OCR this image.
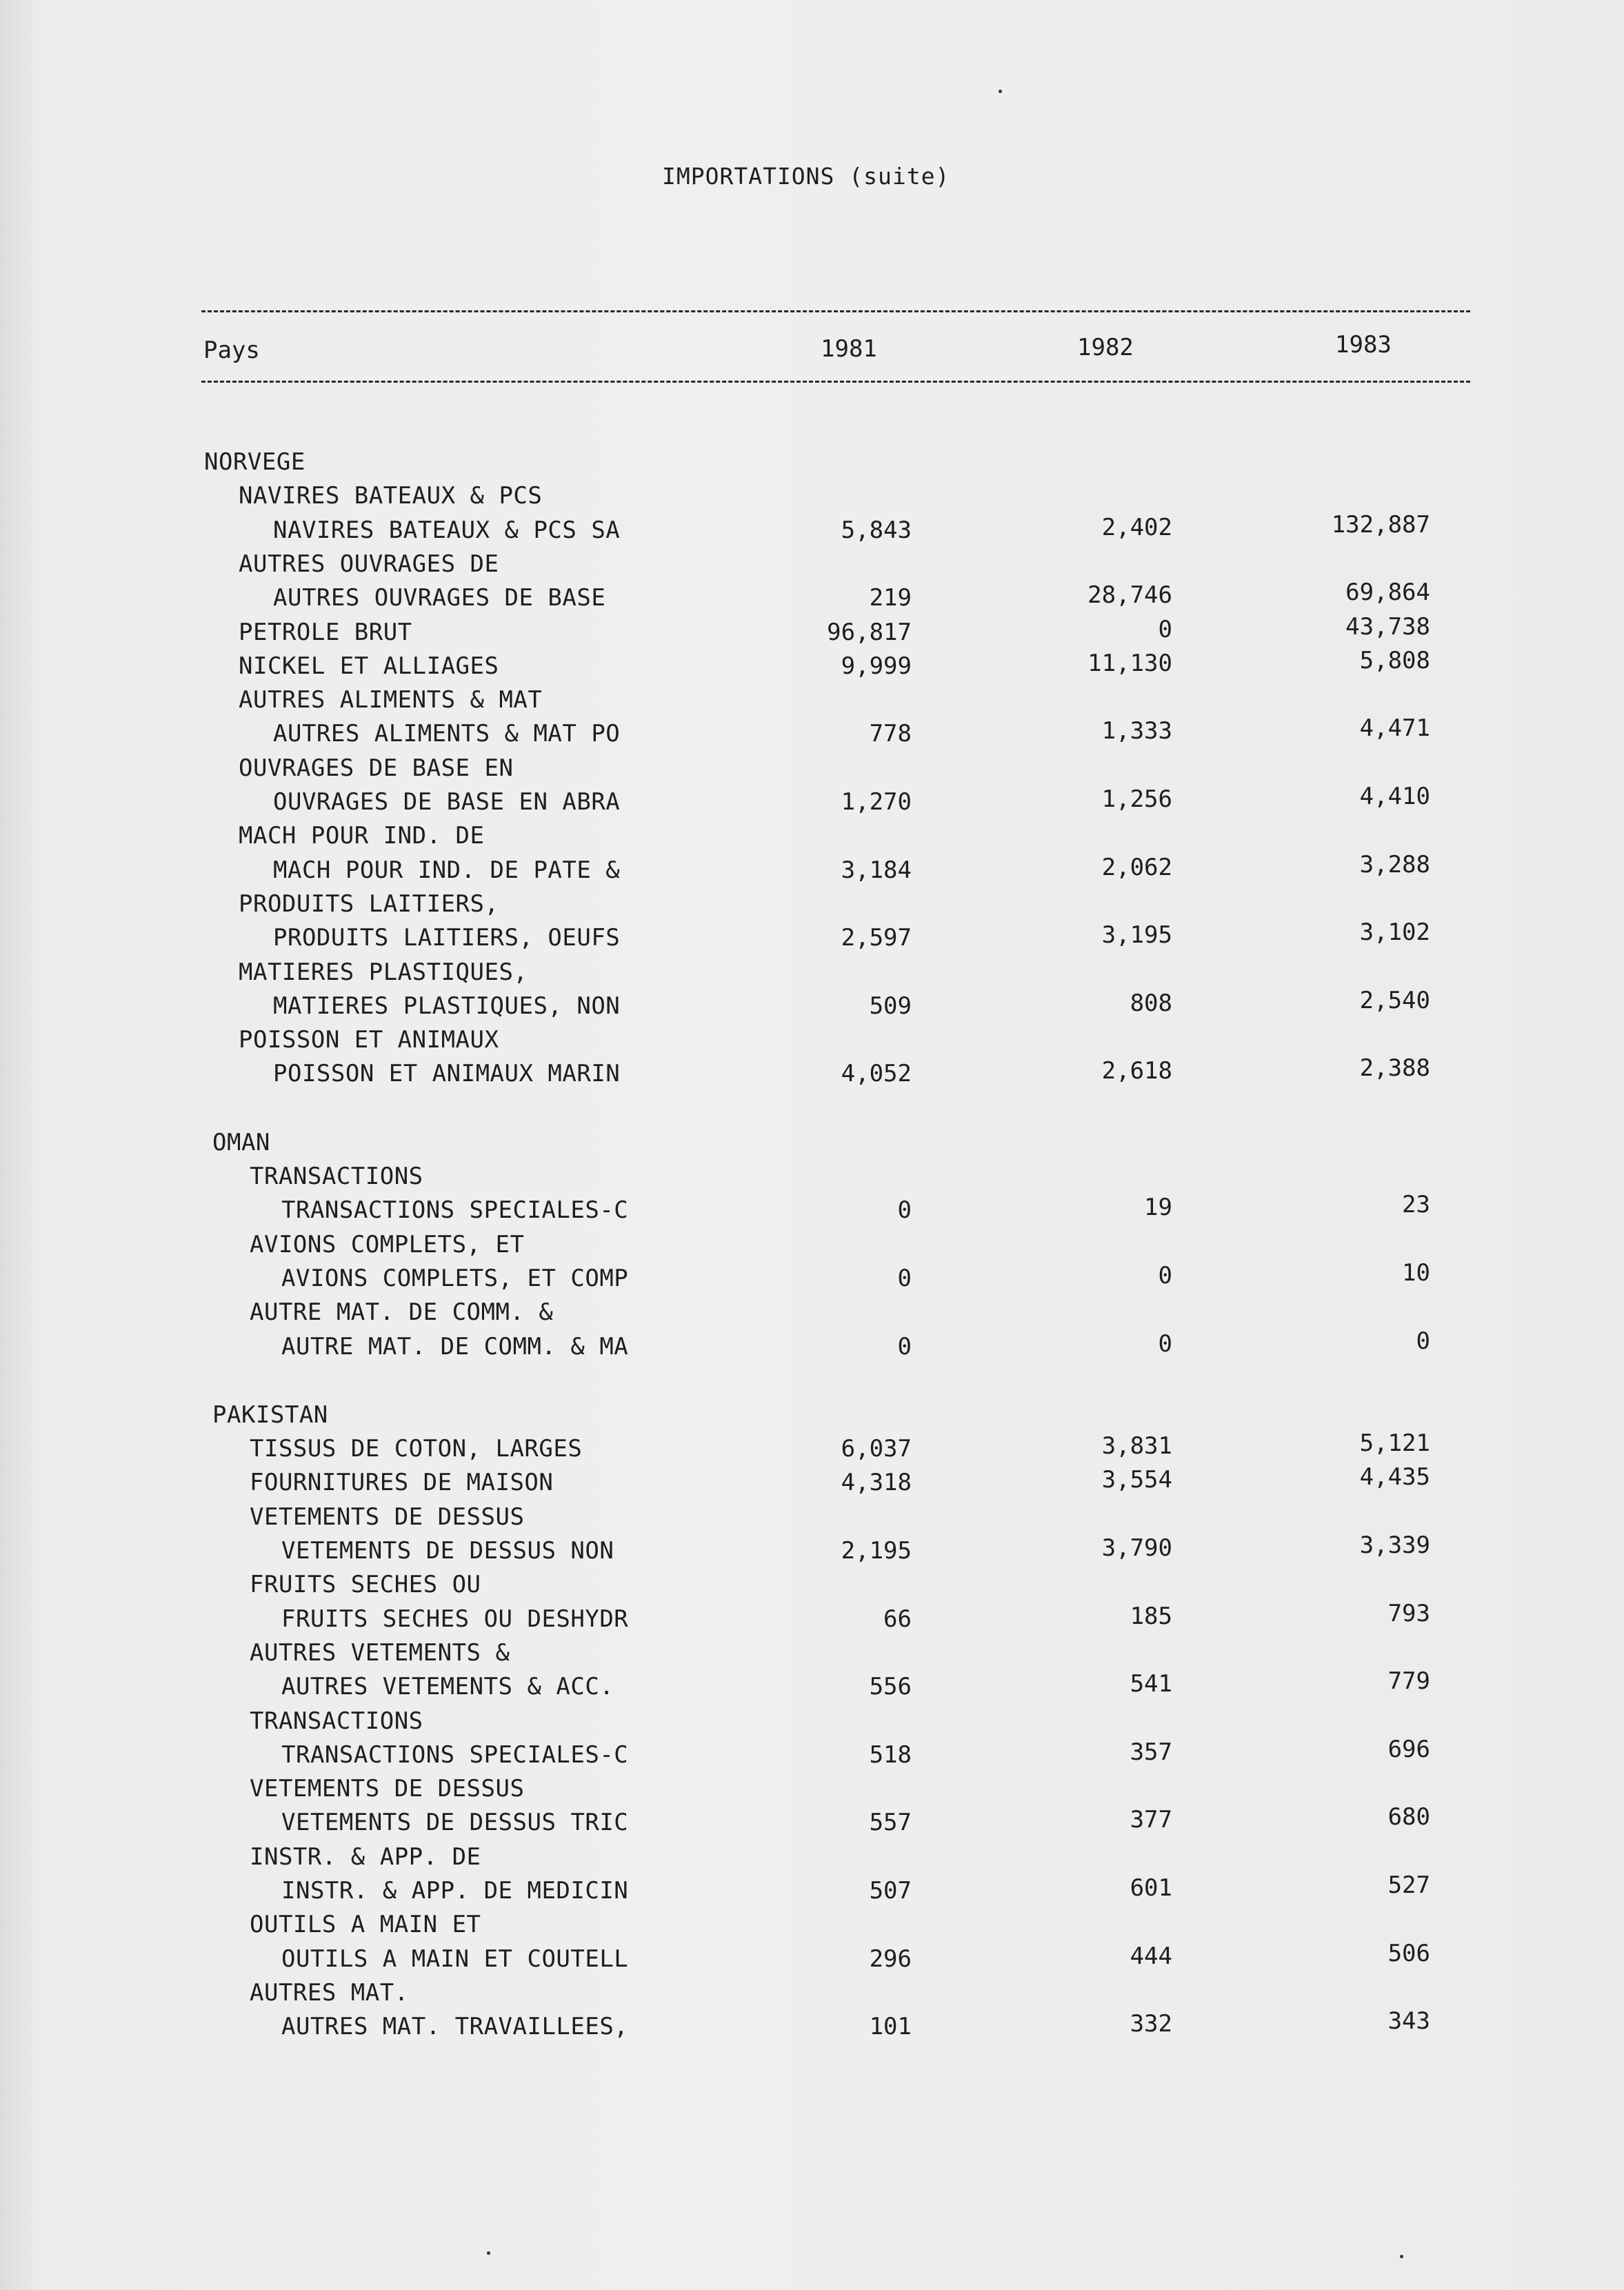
IMPORTATIONS (suite)
Pays	1981	1982	1983
NORVEGE
NAVIRES BATEAUX & PCS
NAVIRES BATEAUX & PCS SA	5,843	2,402	132,887
AUTRES OUVRAGES DE
AUTRES OUVRAGES DE BASE	219	28,746	69,864
PETROLE BRUT	96,817	0	43,738
NICKEL ET ALLIAGES	9,999	11,130	5,808
AUTRES ALIMENTS & MAT
AUTRES ALIMENTS & MAT PO	778	1,333	4,471
OUVRAGES DE BASE EN
OUVRAGES DE BASE EN ABRA	1,270	1,256	4,410
MACH POUR IND. DE
MACH POUR IND. DE PATE &	3,184	2,062	3,288
PRODUITS LAITIERS,
PRODUITS LAITIERS, OEUFS	2,597	3,195	3,102
MATIERES PLASTIQUES,
MATIERES PLASTIQUES, NON	509	808	2,540
POISSON ET ANIMAUX
POISSON ET ANIMAUX MARIN	4,052	2,618	2,388
OMAN
TRANSACTIONS
TRANSACTIONS SPECIALES-C	0	19	23
AVIONS COMPLETS, ET
AVIONS COMPLETS, ET COMP	0	0	10
AUTRE MAT. DE COMM. &
AUTRE MAT. DE COMM. & MA	0	0	0
PAKISTAN
TISSUS DE COTON, LARGES	6,037	3,831	5,121
FOURNITURES DE MAISON	4,318	3,554	4,435
VETEMENTS DE DESSUS
VETEMENTS DE DESSUS NON	2,195	3,790	3,339
FRUITS SECHES OU
FRUITS SECHES OU DESHYDR	66	185	793
AUTRES VETEMENTS &
AUTRES VETEMENTS & ACC.	556	541	779
TRANSACTIONS
TRANSACTIONS SPECIALES-C	518	357	696
VETEMENTS DE DESSUS
VETEMENTS DE DESSUS TRIC	557	377	680
INSTR. & APP. DE
INSTR. & APP. DE MEDICIN	507	601	527
OUTILS A MAIN ET
OUTILS A MAIN ET COUTELL	296	444	506
AUTRES MAT.
AUTRES MAT. TRAVAILLEES,	101	332	343
